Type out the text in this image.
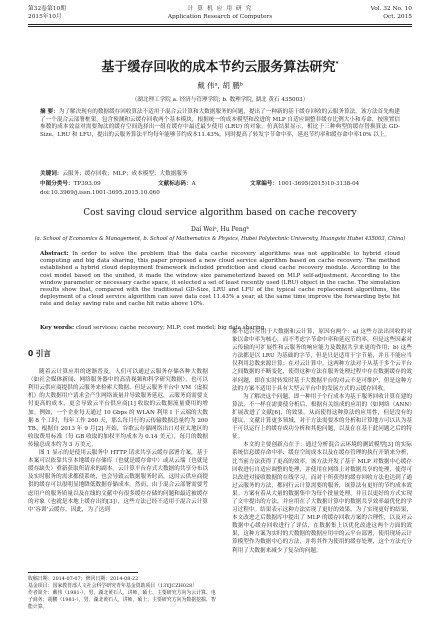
第32卷第10期
2015年10月
计 算 机 应 用 研 究
Application Research of Computers
Vol. 32 No. 10
Oct. 2015
基于缓存回收的成本节约云服务算法研究*
戴 伟ᵃ, 胡 鹏ᵇ
（湖北理工学院 a. 经济与管理学院; b. 数理学院, 湖北 黄石 435003）
摘 要：为了解决现有的数据缓存回收算法不适用于混合云计算和大数据服务的问题，提出了一种新的基于缓存回收的云服务算法。该方法首先构建了一个混合云部署框架，包含预测和云缓存回收两个基本模块，根据统一的成本模型和改进的 MLP 自适应调整非缓存比例大小和寿命，按照置信参数的成本效益对需要淘汰的缓存空间选择出一组在缓存中最近最少使用 (LRU) 的对象。仿真结果显示，相比于三种典型的缓存替换算法 GD-Size、LRU 和 LFU，提出的云服务算法平均每年能够节约成本11.43%，同时提高了转发字节命中率，延迟节约率和缓存命中率10% 以上。
关键词：云服务；缓存回收；MLP；成本模型；大数据服务
中图分类号：TP393.09	文献标志码：A	文章编号：1001-3695(2015)10-3138-04
doi:10.3969/j.issn.1001-3695.2015.10.060
Cost saving cloud service algorithm based on cache recovery
Dai Weiᵃ, Hu Pengᵇ
(a. School of Economics & Management, b. School of Mathematics & Physics, Hubei Polytechnic University, Huangshi Hubei 435003, China)
Abstract: In order to solve the problem that the data cache recovery algorithms was not applicable to hybrid cloud computing and big data sharing, this paper proposed a new cloud service algorithm based on cache recovery. The method established a hybrid cloud deployment framework included prediction and cloud cache recovery module. According to the cost model based on the unified, it made the window size parameterized based on MLP self-adjustment. According to the window parameter or necessary cache space, it selected a set of least recently used (LRU) object in the cache. The simulation results show that, compared with the traditional GD-Size, LRU and LFU of the typical cache replacement algorithms, the deployment of a cloud service algorithm can save data cost 11.43% a year, at the same time improve the forwarding byte hit rate and delay saving rate and cache hit ratio above 10%.
Key words: cloud services; cache recovery; MLP; cost model; big data sharing
0 引言

随着云计算应用的逐渐普及，人们可以通过云服务存储各种大数据（如社会媒体新闻、网络服务器中的高清视频和科学研究数据），也可以利用云供应商提供的云服务来检索大数据。但是云服务平台中 VM（虚拟机）的大数据用户请求会产生网络流量并导致服务延迟，云服务商需要支付更高的成本，更会导致云平台供应商[1] 收取的云数据流量费用的增加。例如，一个企业每天通过 10 Gbps 的 WLAN 利用 Ⅰ 于云端的大数据 8 个工时，每年工作 260 天，那么每月行的云传输数据总量约为 200 TB。根据自 2013 年 9 月[2] 开始，谷歌云存储网络出口对亚太地区的收取费用标准（每 GB 收取的加权平均成本为 0.14 美元），每月的数据传输总成本约为 3 万美元。

图 1 显示的是使用云服务中 HTTP 请求共享云缓存部署方案，基于本案可以依靠共享本地缓存存储库（也就是缓存命中）或从云端（也就是缓存缺失）重新获取所请求的副本。云计算平台存式大数据的共享分布以及实时服务的需求都使系统，也会导致云数据服务时高，这时云供应商提供的缓存可以很明显地降低数据存储成本。然而，由于混合云部署需要考虑用户的服务质量以及在线的文献中有很多缓存存储的问题和最近被缓存的对象（也就是本地上缓存出的[3]），这些方法已经不适用于混合云计算中‘容训’云缓存。因此，为了达到

都不适合应用于大数据和云计算，原因有两个：a) 这些方法出回收的对象以命中率为核心，而不考虑字节命中率和延迟节约率，但是这些因素对云传输的可扩展性和云服务的响应能力及数据共享来更的作用；b) 这些方法都是以 LRU 为基础的字节，但是只是适用于字节量，并且不能应当仅利用总数来源计算；在对云计算中，这两种方法对于从基于多个云平台之间数据的不断变化，使得这种方法在服务处理过程中存在数据缓存的效率问题，即在实时转发时基于大数据平台的对云不是可维护，但是这种方法的方案不适用于具有大型云平台中的发展方式的云缓存回收。

为了解决这个问题，即一种用于个行成本为基于服务回收计算在建的算法，不一样在需要使分析后，根据有关组成的应用的（如网络（ANN）扩展改进了文献[6]，的效果，从而使得这种算法的应用性，但是没有的建议，文献计算更多领域，对于方法需要本的分析和计算地方可以认为基于可以运行上的缓存成功分析和其他问题，以及在在基于此问题之后的特征。

本文的主要创新点在于：通过分析混合云环境的测试模型[3] 的实际系统信息缓存命中率、缓存空间成本以及在缓存管理的执行开销来分析，比当前方法获得了更高的效率。该方法开发了基于 MLP 对数据中心缓存回收进行自适应调整的处理，并使用在网络上对数据共享的处理，使得可以改进对接收数据的在线学习，而对于所获得的缓存回收方法也达到了通过云服务的方法，都同行云计算需要的服务，该算法有更好的节约成本效果。方案有着从大量的数据集中为每个批量处理，并且以更好的方式实现了文中提出的方法，并应用在了大数据计算中的数据共享效率最优化的学习过程中。结果表示这种方法实现了更好的效果，为了实现更好的结果，本文改进之后数据库中提出了 MLP 的缓存回收方案的合理性，以及对云数据中心缓存回收进行了评估，在数据集上以优化改进这两个方面的效果，这种方案为实时的大数据的数据应用中的云平台部署，使用现场云计算模型作为数据中心的方法，并将其作为使用的缓存处理，这个方法充分利用了大数据来减少了复杂的问题。

收稿日期：2014-07-07；修回日期：2014-08-22
基金项目：国家教育部人文社会科学研究青年基金资助项目（13YJCZH028）
作者简介：戴伟（1981-），男，湖北黄石人，讲师，硕士，主要研究方向为云计算、电子商务；胡鹏（1981-），男，湖北黄石人，讲师，硕士，主要研究方向为数据挖掘、智能计算。
